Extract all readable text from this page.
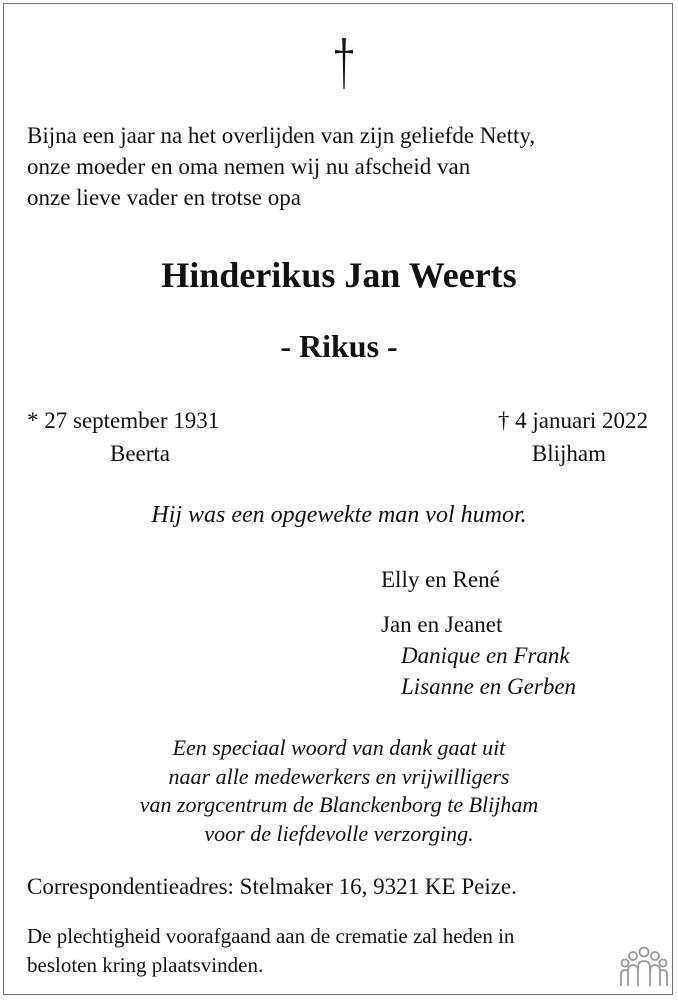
Bijna een jaar na het overlijden van zijn geliefde Netty,
onze moeder en oma nemen wij nu afscheid van
onze lieve vader en trotse opa
Hinderikus Jan Weerts
- Rikus -
* 27 september 1931
Beerta
† 4 januari 2022
Blijham
Hij was een opgewekte man vol humor.
Elly en René
Jan en Jeanet
Danique en Frank
Lisanne en Gerben
Een speciaal woord van dank gaat uit
naar alle medewerkers en vrijwilligers
van zorgcentrum de Blanckenborg te Blijham
voor de liefdevolle verzorging.
Correspondentieadres: Stelmaker 16, 9321 KE Peize.
De plechtigheid voorafgaand aan de crematie zal heden in
besloten kring plaatsvinden.
